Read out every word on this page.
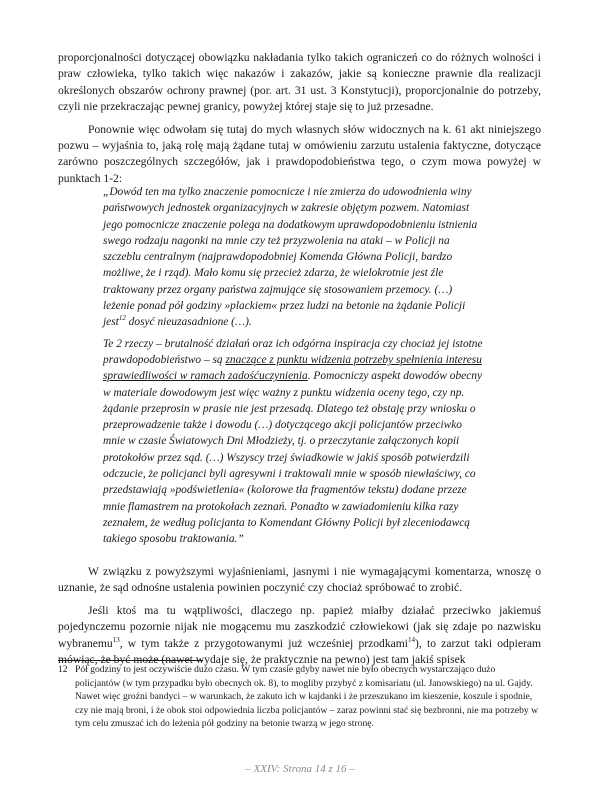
proporcjonalności dotyczącej obowiązku nakładania tylko takich ograniczeń co do różnych wolności i praw człowieka, tylko takich więc nakazów i zakazów, jakie są konieczne prawnie dla realizacji określonych obszarów ochrony prawnej (por. art. 31 ust. 3 Konstytucji), proporcjonalnie do potrzeby, czyli nie przekraczając pewnej granicy, powyżej której staje się to już przesadne.

Ponownie więc odwołam się tutaj do mych własnych słów widocznych na k. 61 akt niniejszego pozwu – wyjaśnia to, jaką rolę mają żądane tutaj w omówieniu zarzutu ustalenia faktyczne, dotyczące zarówno poszczególnych szczegółów, jak i prawdopodobieństwa tego, o czym mowa powyżej w punktach 1-2:

„Dowód ten ma tylko znaczenie pomocnicze i nie zmierza do udowodnienia winy państwowych jednostek organizacyjnych w zakresie objętym pozwem. Natomiast jego pomocnicze znaczenie polega na dodatkowym uprawdopodobnieniu istnienia swego rodzaju nagonki na mnie czy też przyzwolenia na ataki – w Policji na szczeblu centralnym (najprawdopodobniej Komenda Główna Policji, bardzo możliwe, że i rząd). Mało komu się przecież zdarza, że wielokrotnie jest źle traktowany przez organy państwa zajmujące się stosowaniem przemocy. (…) leżenie ponad pół godziny »plackiem« przez ludzi na betonie na żądanie Policji jest$^{12}$ dosyć nieuzasadnione (…).

Te 2 rzeczy – brutalność działań oraz ich odgórna inspiracja czy chociaż jej istotne prawdopodobieństwo – są znaczące z punktu widzenia potrzeby spełnienia interesu sprawiedliwości w ramach zadośćuczynienia. Pomocniczy aspekt dowodów obecny w materiale dowodowym jest więc ważny z punktu widzenia oceny tego, czy np. żądanie przeprosin w prasie nie jest przesadą. Dlatego też obstaję przy wniosku o przeprowadzenie także i dowodu (…) dotyczącego akcji policjantów przeciwko mnie w czasie Światowych Dni Młodzieży, tj. o przeczytanie załączonych kopii protokołów przez sąd. (…) Wszyscy trzej świadkowie w jakiś sposób potwierdzili odczucie, że policjanci byli agresywni i traktowali mnie w sposób niewłaściwy, co przedstawiają »podświetlenia« (kolorowe tła fragmentów tekstu) dodane przeze mnie flamastrem na protokołach zeznań. Ponadto w zawiadomieniu kilka razy zeznałem, że według policjanta to Komendant Główny Policji był zleceniodawcą takiego sposobu traktowania.”

W związku z powyższymi wyjaśnieniami, jasnymi i nie wymagającymi komentarza, wnoszę o uznanie, że sąd odnośne ustalenia powinien poczynić czy chociaż spróbować to zrobić.

Jeśli ktoś ma tu wątpliwości, dlaczego np. papież miałby działać przeciwko jakiemuś pojedynczemu pozornie nijak nie mogącemu mu zaszkodzić człowiekowi (jak się zdaje po nazwisku wybranemu$^{13}$, w tym także z przygotowanymi już wcześniej przodkami$^{14}$), to zarzut taki odpieram mówiąc, że być może (nawet wydaje się, że praktycznie na pewno) jest tam jakiś spisek

12 Pół godziny to jest oczywiście dużo czasu. W tym czasie gdyby nawet nie było obecnych wystarczająco dużo policjantów (w tym przypadku było obecnych ok. 8), to mogliby przybyć z komisariatu (ul. Janowskiego) na ul. Gajdy. Nawet więc groźni bandyci – w warunkach, że zakuto ich w kajdanki i że przeszukano im kieszenie, koszule i spodnie, czy nie mają broni, i że obok stoi odpowiednia liczba policjantów – zaraz powinni stać się bezbronni, nie ma potrzeby w tym celu zmuszać ich do leżenia pół godziny na betonie twarzą w jego stronę.
– XXIV: Strona 14 z 16 –
